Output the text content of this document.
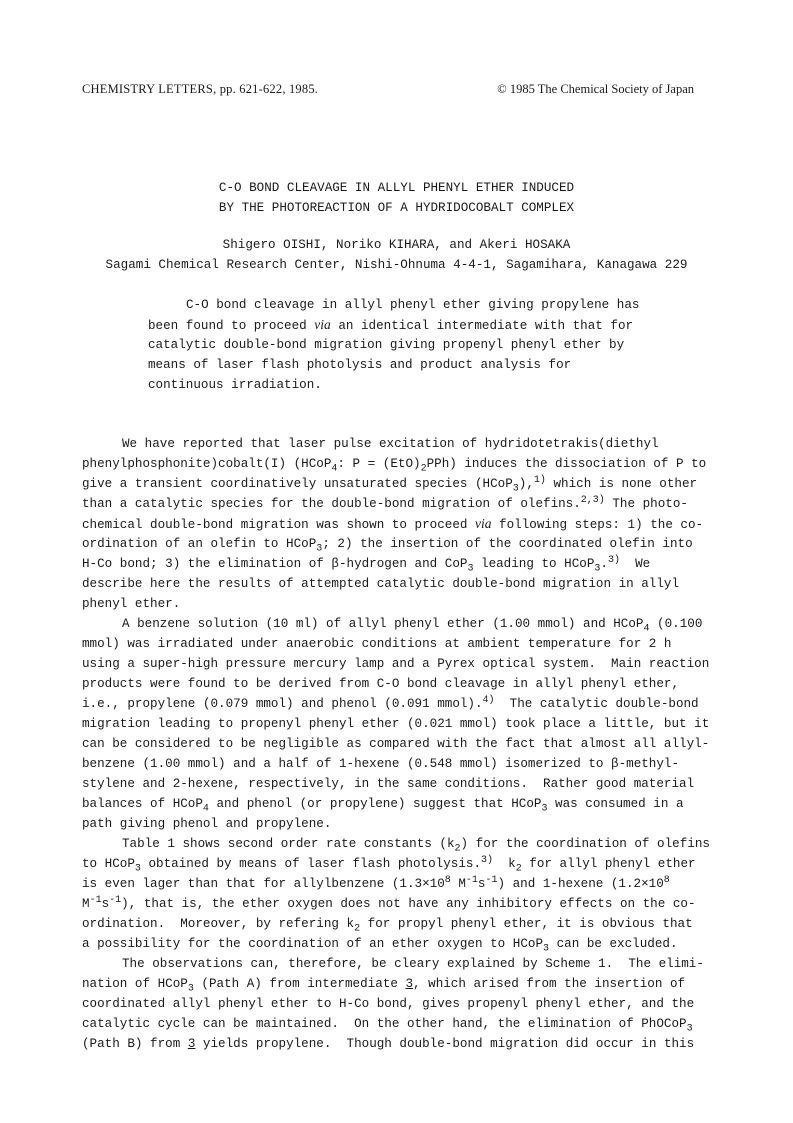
CHEMISTRY LETTERS, pp. 621-622, 1985.	© 1985 The Chemical Society of Japan
C-O BOND CLEAVAGE IN ALLYL PHENYL ETHER INDUCED
BY THE PHOTOREACTION OF A HYDRIDOCOBALT COMPLEX
Shigero OISHI, Noriko KIHARA, and Akeri HOSAKA
Sagami Chemical Research Center, Nishi-Ohnuma 4-4-1, Sagamihara, Kanagawa 229
C-O bond cleavage in allyl phenyl ether giving propylene has
been found to proceed via an identical intermediate with that for
catalytic double-bond migration giving propenyl phenyl ether by
means of laser flash photolysis and product analysis for
continuous irradiation.
We have reported that laser pulse excitation of hydridotetrakis(diethyl
phenylphosphonite)cobalt(I) (HCoP$_4$: $P = (EtO)_2PPh$) induces the dissociation of P to
give a transient coordinatively unsaturated species (HCoP$_3$),$^{1)}$ which is none other
than a catalytic species for the double-bond migration of olefins.$^{2,3)}$ The photo-
chemical double-bond migration was shown to proceed via following steps: 1) the co-
ordination of an olefin to HCoP$_3$; 2) the insertion of the coordinated olefin into
H-Co bond; 3) the elimination of β-hydrogen and CoP$_3$ leading to HCoP$_3$.$^{3)}$  We
describe here the results of attempted catalytic double-bond migration in allyl
phenyl ether.
A benzene solution (10 ml) of allyl phenyl ether (1.00 mmol) and HCoP$_4$ (0.100
mmol) was irradiated under anaerobic conditions at ambient temperature for 2 h
using a super-high pressure mercury lamp and a Pyrex optical system.  Main reaction
products were found to be derived from C-O bond cleavage in allyl phenyl ether,
i.e., propylene (0.079 mmol) and phenol (0.091 mmol).$^{4)}$  The catalytic double-bond
migration leading to propenyl phenyl ether (0.021 mmol) took place a little, but it
can be considered to be negligible as compared with the fact that almost all allyl-
benzene (1.00 mmol) and a half of 1-hexene (0.548 mmol) isomerized to β-methyl-
stylene and 2-hexene, respectively, in the same conditions.  Rather good material
balances of HCoP$_4$ and phenol (or propylene) suggest that HCoP$_3$ was consumed in a
path giving phenol and propylene.
Table 1 shows second order rate constants $(k_2)$ for the coordination of olefins
to HCoP$_3$ obtained by means of laser flash photolysis.$^{3)}$  $k_2$ for allyl phenyl ether
is even lager than that for allylbenzene ($1.3\times 10^8$ $M^{-1}s^{-1}$) and 1-hexene ($1.2\times 10^8$
$M^{-1}s^{-1}$), that is, the ether oxygen does not have any inhibitory effects on the co-
ordination.  Moreover, by refering $k_2$ for propyl phenyl ether, it is obvious that
a possibility for the coordination of an ether oxygen to HCoP$_3$ can be excluded.
The observations can, therefore, be cleary explained by Scheme 1.  The elimi-
nation of HCoP$_3$ (Path A) from intermediate 3, which arised from the insertion of
coordinated allyl phenyl ether to H-Co bond, gives propenyl phenyl ether, and the
catalytic cycle can be maintained.  On the other hand, the elimination of PhOCoP$_3$
(Path B) from 3 yields propylene.  Though double-bond migration did occur in this
